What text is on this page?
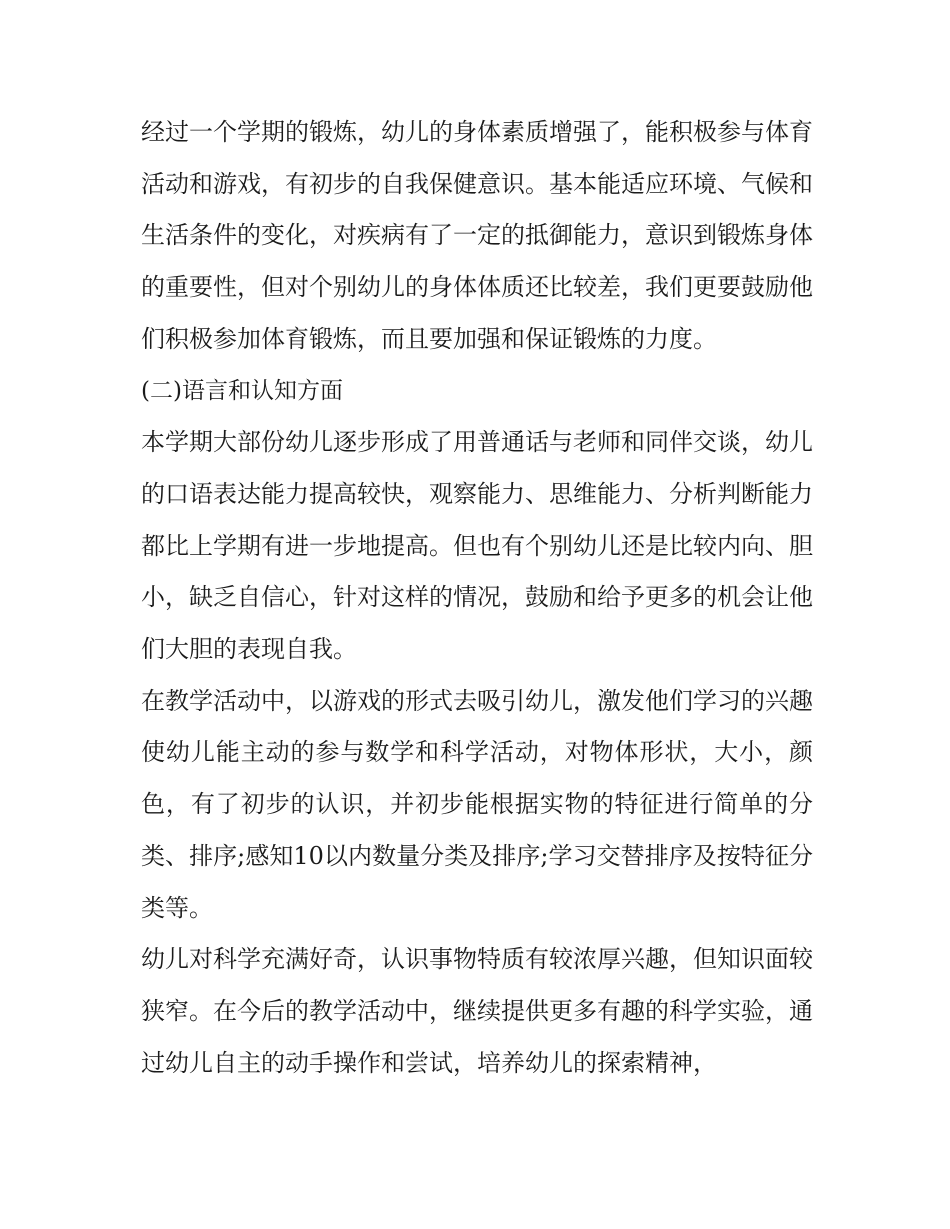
经过一个学期的锻炼，幼儿的身体素质增强了，能积极参与体育活动和游戏，有初步的自我保健意识。基本能适应环境、气候和生活条件的变化，对疾病有了一定的抵御能力，意识到锻炼身体的重要性，但对个别幼儿的身体体质还比较差，我们更要鼓励他们积极参加体育锻炼，而且要加强和保证锻炼的力度。

(二)语言和认知方面

本学期大部份幼儿逐步形成了用普通话与老师和同伴交谈，幼儿的口语表达能力提高较快，观察能力、思维能力、分析判断能力都比上学期有进一步地提高。但也有个别幼儿还是比较内向、胆小，缺乏自信心，针对这样的情况，鼓励和给予更多的机会让他们大胆的表现自我。

在教学活动中，以游戏的形式去吸引幼儿，激发他们学习的兴趣使幼儿能主动的参与数学和科学活动，对物体形状，大小，颜色，有了初步的认识，并初步能根据实物的特征进行简单的分类、排序;感知10以内数量分类及排序;学习交替排序及按特征分类等。

幼儿对科学充满好奇，认识事物特质有较浓厚兴趣，但知识面较狭窄。在今后的教学活动中，继续提供更多有趣的科学实验，通过幼儿自主的动手操作和尝试，培养幼儿的探索精神，
